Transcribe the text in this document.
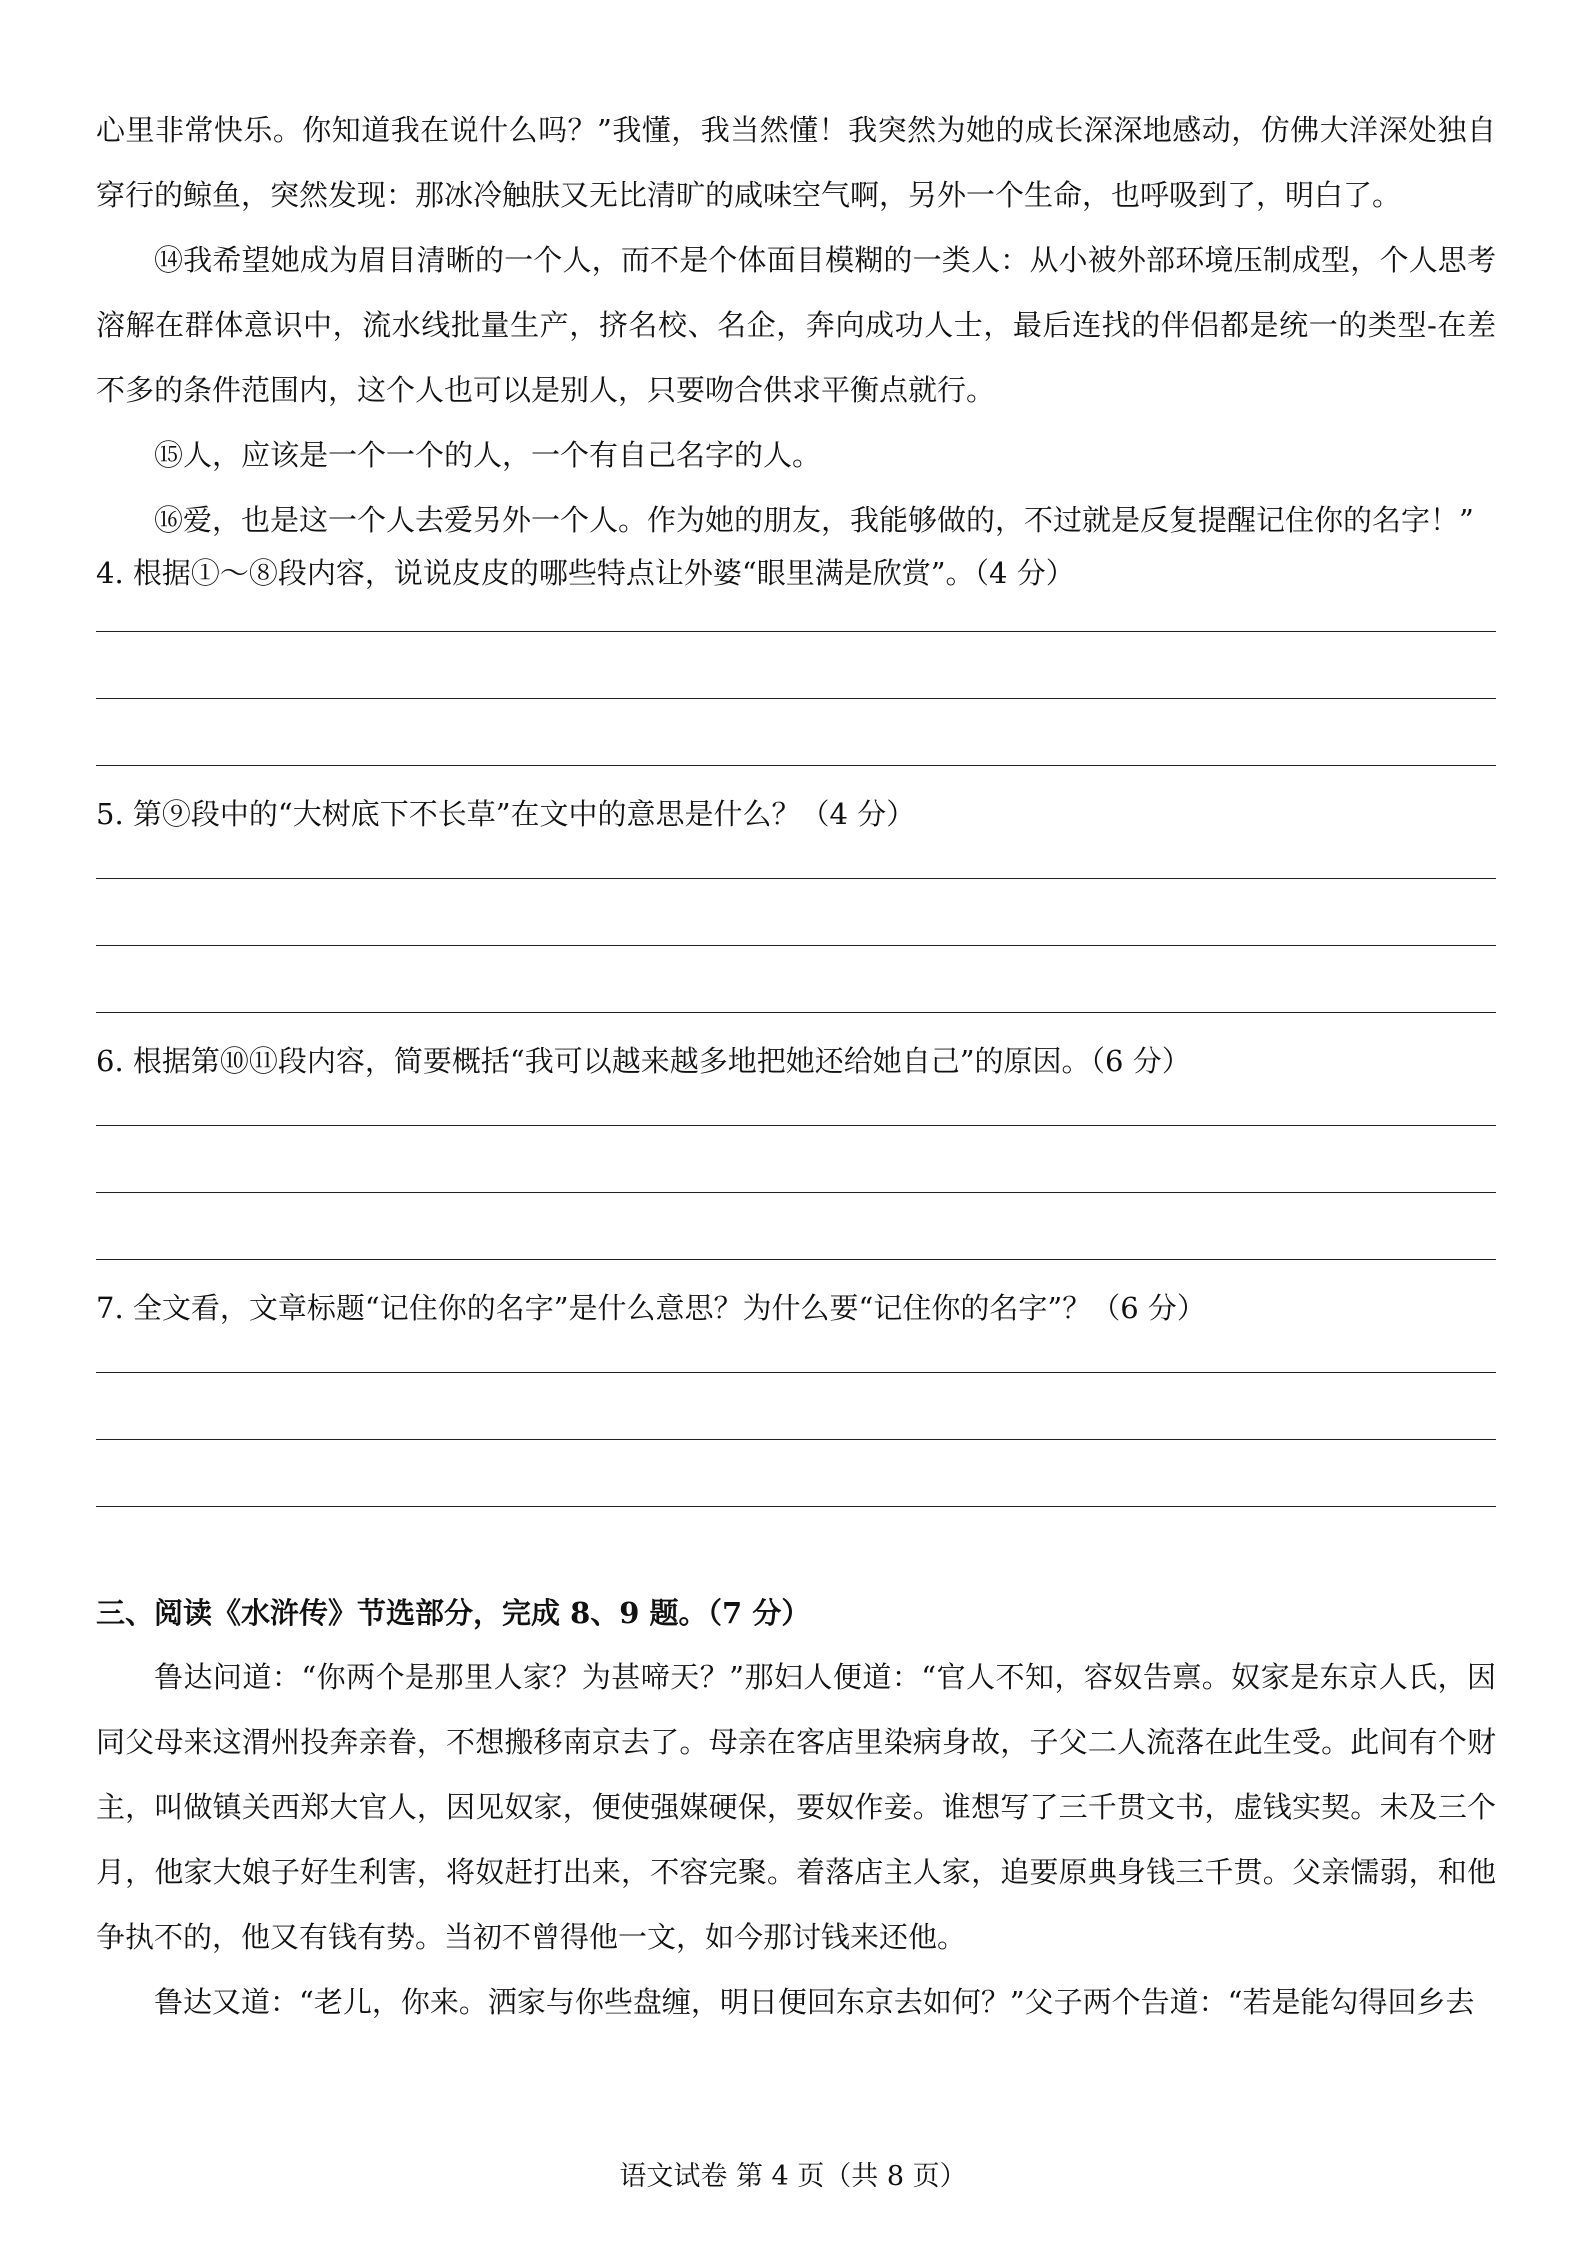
心里非常快乐。你知道我在说什么吗？”我懂，我当然懂！我突然为她的成长深深地感动，仿佛大洋深处独自穿行的鲸鱼，突然发现：那冰冷触肤又无比清旷的咸味空气啊，另外一个生命，也呼吸到了，明白了。

⑭我希望她成为眉目清晰的一个人，而不是个体面目模糊的一类人：从小被外部环境压制成型，个人思考溶解在群体意识中，流水线批量生产，挤名校、名企，奔向成功人士，最后连找的伴侣都是统一的类型-在差不多的条件范围内，这个人也可以是别人，只要吻合供求平衡点就行。

⑮人，应该是一个一个的人，一个有自己名字的人。

⑯爱，也是这一个人去爱另外一个人。作为她的朋友，我能够做的，不过就是反复提醒记住你的名字！”

4. 根据①～⑧段内容，说说皮皮的哪些特点让外婆“眼里满是欣赏”。（4 分）

5. 第⑨段中的“大树底下不长草”在文中的意思是什么？（4 分）

6. 根据第⑩⑪段内容，简要概括“我可以越来越多地把她还给她自己”的原因。（6 分）

7. 全文看，文章标题“记住你的名字”是什么意思？为什么要“记住你的名字”？（6 分）

三、阅读《水浒传》节选部分，完成 8、9 题。（7 分）

鲁达问道：“你两个是那里人家？为甚啼天？”那妇人便道：“官人不知，容奴告禀。奴家是东京人氏，因同父母来这渭州投奔亲眷，不想搬移南京去了。母亲在客店里染病身故，子父二人流落在此生受。此间有个财主，叫做镇关西郑大官人，因见奴家，便使强媒硬保，要奴作妾。谁想写了三千贯文书，虚钱实契。未及三个月，他家大娘子好生利害，将奴赶打出来，不容完聚。着落店主人家，追要原典身钱三千贯。父亲懦弱，和他争执不的，他又有钱有势。当初不曾得他一文，如今那讨钱来还他。

鲁达又道：“老儿，你来。洒家与你些盘缠，明日便回东京去如何？”父子两个告道：“若是能勾得回乡去

语文试卷 第 4 页（共 8 页）
